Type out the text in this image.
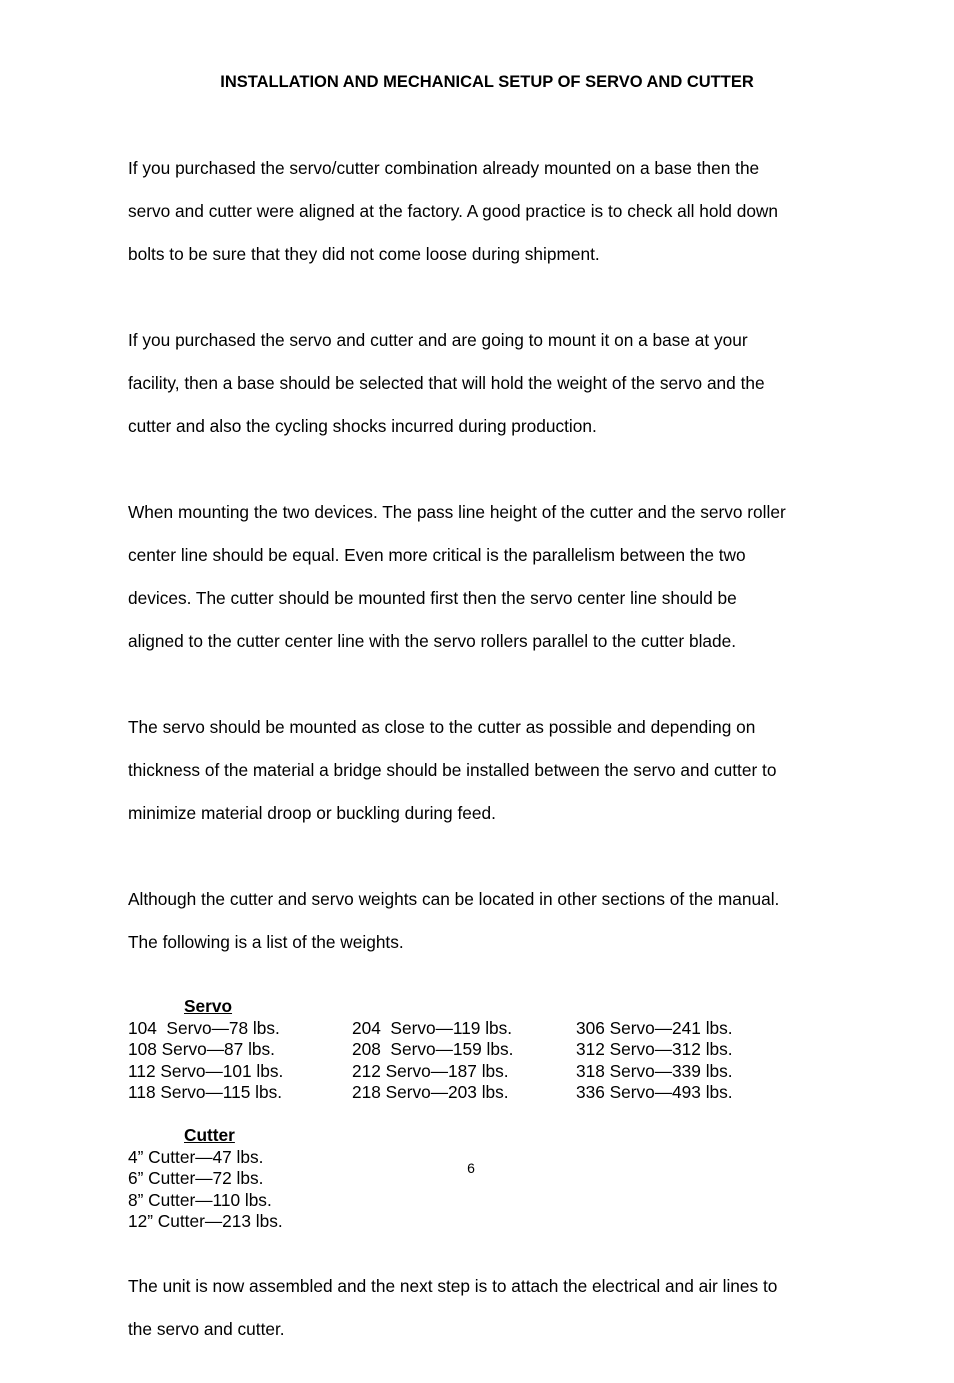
INSTALLATION AND MECHANICAL SETUP OF SERVO AND CUTTER

If you purchased the servo/cutter combination already mounted on a base then the

servo and cutter were aligned at the factory. A good practice is to check all hold down

bolts to be sure that they did not come loose during shipment.

If you purchased the servo and cutter and are going to mount it on a base at your

facility, then a base should be selected that will hold the weight of the servo and the

cutter and also the cycling shocks incurred during production.

When mounting the two devices. The pass line height of the cutter and the servo roller

center line should be equal. Even more critical is the parallelism between the two

devices. The cutter should be mounted first then the servo center line should be

aligned to the cutter center line with the servo rollers parallel to the cutter blade.

The servo should be mounted as close to the cutter as possible and depending on

thickness of the material a bridge should be installed between the servo and cutter to

minimize material droop or buckling during feed.

Although the cutter and servo weights can be located in other sections of the manual.

The following is a list of the weights.

Servo
104  Servo—78 lbs.
108 Servo—87 lbs.
112 Servo—101 lbs.
118 Servo—115 lbs.
204  Servo—119 lbs.
208  Servo—159 lbs.
212 Servo—187 lbs.
218 Servo—203 lbs.
306 Servo—241 lbs.
312 Servo—312 lbs.
318 Servo—339 lbs.
336 Servo—493 lbs.
Cutter
4” Cutter—47 lbs.
6” Cutter—72 lbs.
8” Cutter—110 lbs.
12” Cutter—213 lbs.

The unit is now assembled and the next step is to attach the electrical and air lines to

the servo and cutter.

6
